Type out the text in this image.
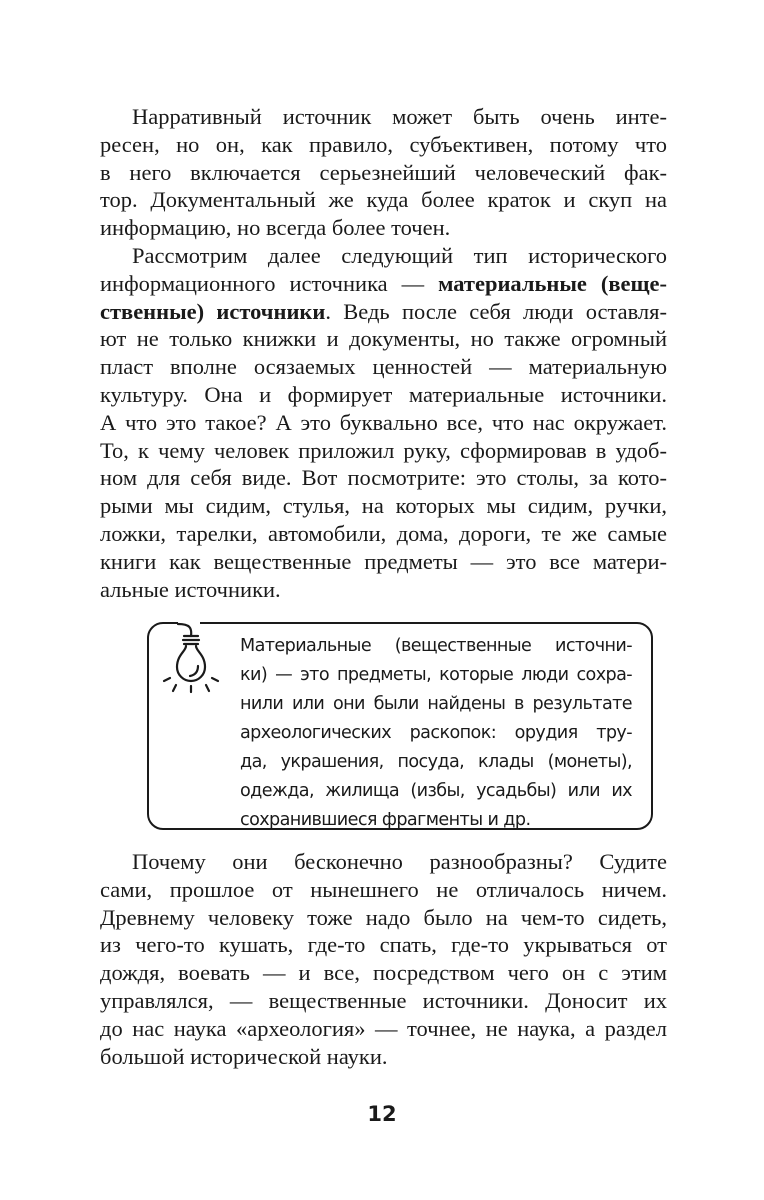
Нарративный источник может быть очень инте-
ресен, но он, как правило, субъективен, потому что
в него включается серьезнейший человеческий фак-
тор. Документальный же куда более краток и скуп на
информацию, но всегда более точен.
Рассмотрим далее следующий тип исторического
информационного источника — материальные (веще-
ственные) источники. Ведь после себя люди оставля-
ют не только книжки и документы, но также огромный
пласт вполне осязаемых ценностей — материальную
культуру. Она и формирует материальные источники.
А что это такое? А это буквально все, что нас окружает.
То, к чему человек приложил руку, сформировав в удоб-
ном для себя виде. Вот посмотрите: это столы, за кото-
рыми мы сидим, стулья, на которых мы сидим, ручки,
ложки, тарелки, автомобили, дома, дороги, те же самые
книги как вещественные предметы — это все матери-
альные источники.
Материальные (вещественные источни-
ки) — это предметы, которые люди сохра-
нили или они были найдены в результате
археологических раскопок: орудия тру-
да, украшения, посуда, клады (монеты),
одежда, жилища (избы, усадьбы) или их
сохранившиеся фрагменты и др.
Почему они бесконечно разнообразны? Судите
сами, прошлое от нынешнего не отличалось ничем.
Древнему человеку тоже надо было на чем-то сидеть,
из чего-то кушать, где-то спать, где-то укрываться от
дождя, воевать — и все, посредством чего он с этим
управлялся, — вещественные источники. Доносит их
до нас наука «археология» — точнее, не наука, а раздел
большой исторической науки.
12
